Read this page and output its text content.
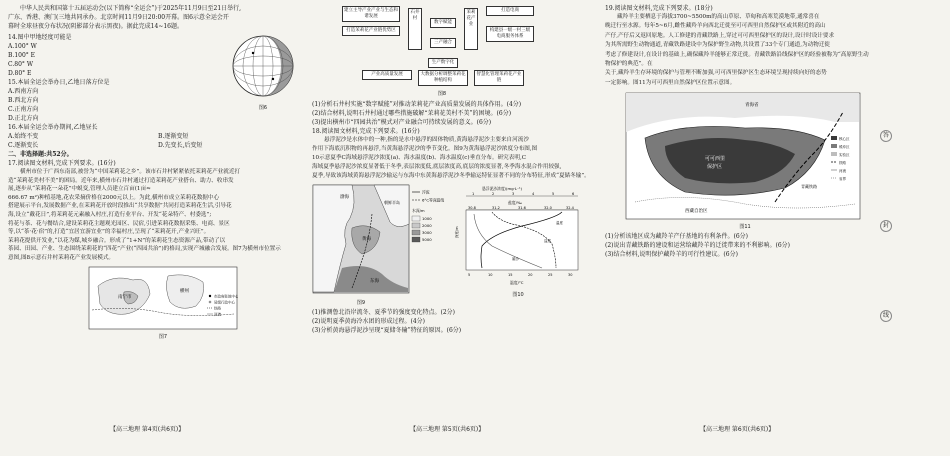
中华人民共和国第十五届运动会(以下简称“全运会”)于2025年11月9日至21日举行,

广东、香港、澳门(三地共同承办。北京时间11月9日20:00开幕。图6示意全运会开

幕时全球昼夜分布状况(阴影部分表示黑夜)。据此完成14~16题。

14.图中甲地经度可能是

A.100° W

B.100° E

C.80° W

D.80° E

15.本届全运会举办日,乙地日落方位是

A.西南方向

B.西北方向

C.正南方向

D.正北方向

图6

16.本届全运会举办期间,乙地昼长

A.始终不变	B.逐渐变短
C.逐渐变长	D.先变长,后变短

二、非选择题:共52分。

17.阅读图文材料,完成下列要求。(16分)

横州市位于广西东南部,被誉为“中国茉莉花之乡”。该市石井村紧紧依托茉莉花产业就近打

造“茉莉花美村不美”的困局。近年来,横州市石井村通过打造茉莉花产业搭台、助力、收串发

展,逐步从“茉莉花一朵花”中蜕变,管理人员建立百亩(1亩≈

666.67 m²)种植基地,花农采摘价格在2000元以上。为此,横州市成立茉莉花数据中心

搭建展示平台,发展数据产业,在茉莉花开放时段推出“共享数据”共同打造茉莉花生活,引导花

海,设立“戴花日”,将茉莉花元素融入村庄,打造行业平台、开发“花朵特产、村委选”;

将花与茶、花与餐结合,建设茉莉花主题观光园区、民宿,引进茉莉花数据采集、电商、景区

等,以“茶·花·宿”的,打造“宜居宜游宜业”的幸福村庄,呈现了“茉莉花开,产业兴旺”。

茉莉花提供开发业,“以花为媒,城乡融合。形成了“1+N”的茉莉花生态资源产品,带动了以

茶园、田园、产业、生态围绕茉莉花的“四花”产业(“四园共治”)的格局,实现产城融合发展。图7为横州市位置示

意图,图8示意石井村茉莉花产业发展模式。

南宁市
横州
市政府驻地中心
县级行政中心
铁路
河流

图7

【高三地理 第4页(共6页)】
建立主导产业产业与生态和谐发展
打造茉莉花产业链优势区
石井村
数字赋能
茉莉花产业
三产融合
打造电商
构建县一级一村三级电商服务体系
生产数字化
产业高质量发展	大数据分析调整茉莉花种植结构
智慧化管理茉莉花产业链

图8

(1)分析石井村实施“数字赋能”对推动茉莉花产业高质量发展的具体作用。(4分)

(2)结合材料,说明石井村通过哪些措施破解“茉莉花美村不美”的困境。(6分)

(3)提出横州市“四园共治”模式对产业融合可持续发展的意义。(6分)

18.阅读图文材料,完成下列要求。(16分)

悬浮泥沙是水体中的一种,指的是水中悬浮的固体物质,黄海悬浮泥沙主要来自河流沙

作用下海底沉积物的再悬浮,当黄海悬浮泥沙的季节变化。图9为黄海悬浮泥沙浓度分布图,图

10示意夏季C海域悬浮泥沙浓度(a)、海水温度(b)、海水温度(c)垂直分布。研究表明,C

海域夏季悬浮泥沙浓度显著低于冬季,表层浓度低,底层浓度高,底层的浓度显著,冬季海水混合作用较强,

夏季,导致该海域黄海悬浮泥沙输运与东海中东黄海悬浮泥沙冬季输运特征显著不同的分布特征,形成“夏储冬输”。

渤海
黄海
东海
朝鲜半岛
浮流
6°C等深温线
水深/m
1000
2000
3000
5000

图9

悬浮泥沙浓度/(mg·L⁻¹)
1	2	3	4	5	6
盐度/‰
30.8	31.2	31.6	32.0	32.4
深度/m
温度
盐度
悬沙
5	10	15	20	25	30
温度/°C

图10

(1)推测鲁北沿岸流冬、夏季节的强度变化特点。(2分)

(2)说明夏季黄海冷水团的形成过程。(4分)

(3)分析黄海悬浮泥沙呈现“夏储冬输”特征的原因。(6分)

【高三地理 第5页(共6页)】

19.阅读图文材料,完成下列要求。(18分)

藏羚羊主要栖息于海拔3700~5500m的高山草原、草甸和高寒荒漠地带,通常喜在

晚迁行至水源。每年5~6月,雌性藏羚羊向西北迁徙至可可西里自然保护区或其附近的高山

产仔,产仔后又返回原地。人工修建的青藏铁路上,穿过可可西里保护区的设计,设计时设计要求

为其所需野生动物通道,青藏铁路建设中为保护野生动物,共设置了33个专门通道,为动物迁徙

考虑了修建设计,在设计的基础上,确保藏羚羊能够正常迁徙。青藏铁路沿线保护区的经验被称为“高原野生动物保护的典范”。在

关于,藏羚羊生存环境的保护与管理不断加强,可可西里保护区生态环境呈现持续向好的态势

一定影响。图11为可可西里自然保护区位置示意图。

可可西里
保护区
青藏铁路
青海省
西藏自治区
核心区
缓冲区
实验区
铁路
河流
省界

图11

(1)分析该地区成为藏羚羊产仔基地的有利条件。(6分)

(2)说出青藏铁路的建设和运营给藏羚羊的迁徙带来的不利影响。(6分)

(3)结合材料,说明保护藏羚羊的可行性建议。(6分)

【高三地理 第6页(共6页)】
答
封
线
